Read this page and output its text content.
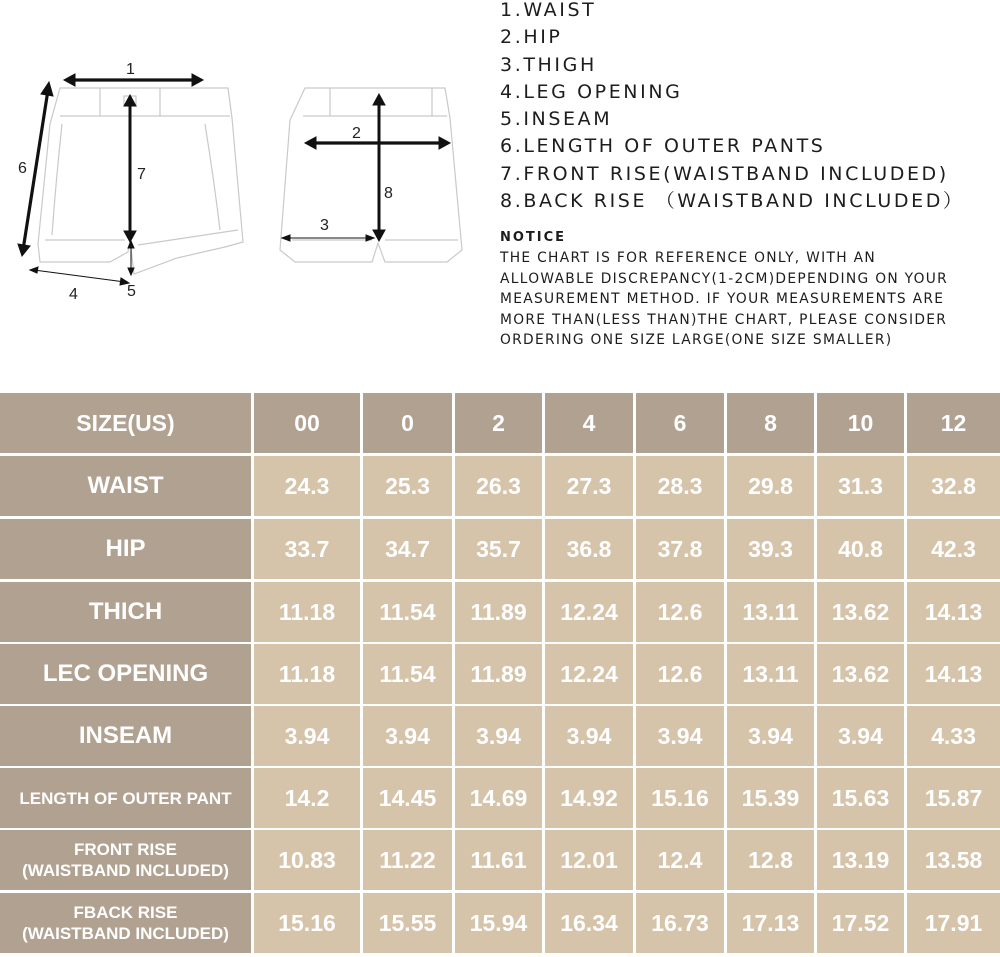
1
7
6
4	5
2
8
3
1.WAIST
2.HIP
3.THIGH
4.LEG OPENING
5.INSEAM
6.LENGTH OF OUTER PANTS
7.FRONT RISE(WAISTBAND INCLUDED)
8.BACK RISE （WAISTBAND INCLUDED）
NOTICE
THE CHART IS FOR REFERENCE ONLY, WITH AN
ALLOWABLE DISCREPANCY(1-2CM)DEPENDING ON YOUR
MEASUREMENT METHOD. IF YOUR MEASUREMENTS ARE
MORE THAN(LESS THAN)THE CHART, PLEASE CONSIDER
ORDERING ONE SIZE LARGE(ONE SIZE SMALLER)
SIZE(US)	00	0	2	4	6	8	10	12
WAIST	24.3	25.3	26.3	27.3	28.3	29.8	31.3	32.8
HIP	33.7	34.7	35.7	36.8	37.8	39.3	40.8	42.3
THICH	11.18	11.54	11.89	12.24	12.6	13.11	13.62	14.13
LEC OPENING	11.18	11.54	11.89	12.24	12.6	13.11	13.62	14.13
INSEAM	3.94	3.94	3.94	3.94	3.94	3.94	3.94	4.33
LENGTH OF OUTER PANT	14.2	14.45	14.69	14.92	15.16	15.39	15.63	15.87
FRONT RISE
(WAISTBAND INCLUDED)	10.83	11.22	11.61	12.01	12.4	12.8	13.19	13.58
FBACK RISE
(WAISTBAND INCLUDED)	15.16	15.55	15.94	16.34	16.73	17.13	17.52	17.91
